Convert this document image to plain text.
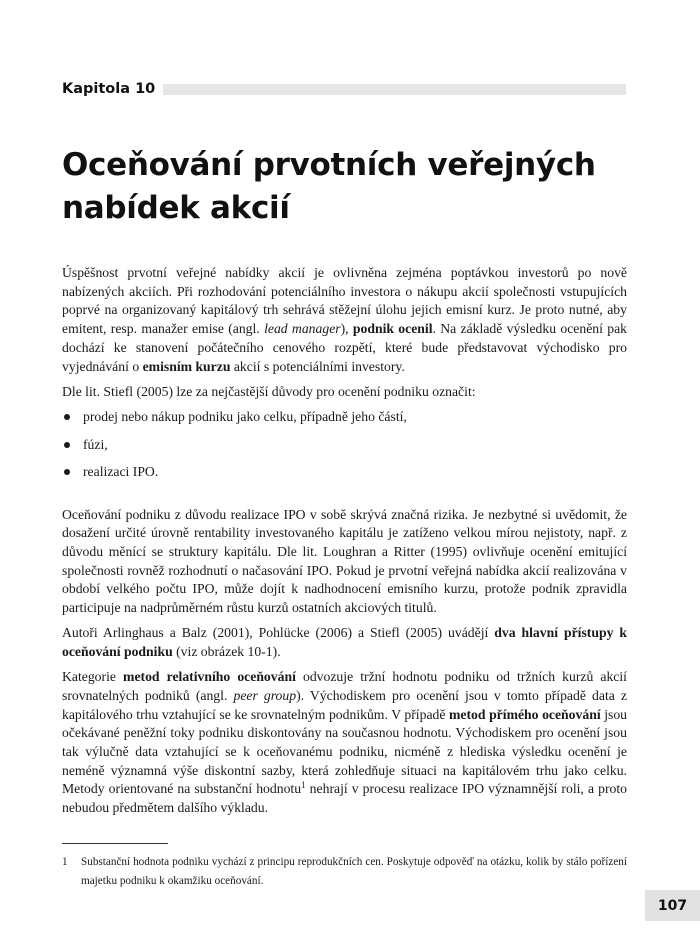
Kapitola 10
Oceňování prvotních veřejných
nabídek akcií

Úspěšnost prvotní veřejné nabídky akcií je ovlivněna zejména poptávkou investorů po nově nabízených akciích. Při rozhodování potenciálního investora o nákupu akcií společnosti vstupujících poprvé na organizovaný kapitálový trh sehrává stěžejní úlohu jejich emisní kurz. Je proto nutné, aby emitent, resp. manažer emise (angl. lead manager), podnik ocenil. Na základě výsledku ocenění pak dochází ke stanovení počátečního cenového rozpětí, které bude představovat východisko pro vyjednávání o emisním kurzu akcií s potenciálními investory.

Dle lit. Stiefl (2005) lze za nejčastější důvody pro ocenění podniku označit:

prodej nebo nákup podniku jako celku, případně jeho částí,
fúzi,
realizaci IPO.

Oceňování podniku z důvodu realizace IPO v sobě skrývá značná rizika. Je nezbytné si uvědomit, že dosažení určité úrovně rentability investovaného kapitálu je zatíženo velkou mírou nejistoty, např. z důvodu měnící se struktury kapitálu. Dle lit. Loughran a Ritter (1995) ovlivňuje ocenění emitující společnosti rovněž rozhodnutí o načasování IPO. Pokud je prvotní veřejná nabídka akcií realizována v období velkého počtu IPO, může dojít k nadhodnocení emisního kurzu, protože podnik zpravidla participuje na nadprůměrném růstu kurzů ostatních akciových titulů.

Autoři Arlinghaus a Balz (2001), Pohlücke (2006) a Stiefl (2005) uvádějí dva hlavní přístupy k oceňování podniku (viz obrázek 10-1).

Kategorie metod relativního oceňování odvozuje tržní hodnotu podniku od tržních kurzů akcií srovnatelných podniků (angl. peer group). Východiskem pro ocenění jsou v tomto případě data z kapitálového trhu vztahující se ke srovnatelným podnikům. V případě metod přímého oceňování jsou očekávané peněžní toky podniku diskontovány na současnou hodnotu. Východiskem pro ocenění jsou tak výlučně data vztahující se k oceňovanému podniku, nicméně z hlediska výsledku ocenění je neméně významná výše diskontní sazby, která zohledňuje situaci na kapitálovém trhu jako celku. Metody orientované na substanční hodnotu$^1$ nehrají v procesu realizace IPO významnější roli, a proto nebudou předmětem dalšího výkladu.

1 Substanční hodnota podniku vychází z principu reprodukčních cen. Poskytuje odpověď na otázku, kolik by stálo pořízení majetku podniku k okamžiku oceňování.
107
